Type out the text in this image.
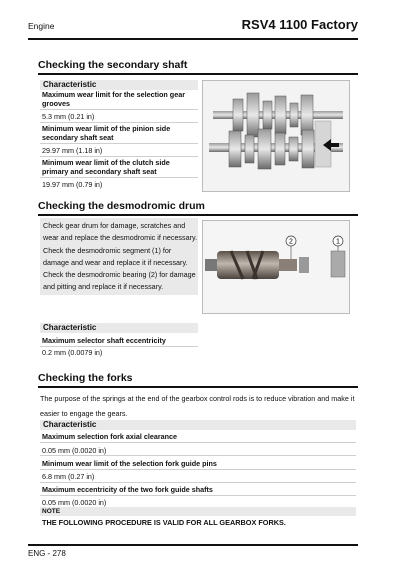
Engine	RSV4 1100 Factory
Checking the secondary shaft
Characteristic
Maximum wear limit for the selection gear grooves
5.3 mm (0.21 in)
Minimum wear limit of the pinion side secondary shaft seat
29.97 mm (1.18 in)
Minimum wear limit of the clutch side primary and secondary shaft seat
19.97 mm (0.79 in)
Checking the desmodromic drum

Check gear drum for damage, scratches and wear and replace the desmodromic if necessary.

Check the desmodromic segment (1) for damage and wear and replace it if necessary.

Check the desmodromic bearing (2) for damage and pitting and replace it if necessary.

2	1
Characteristic
Maximum selector shaft eccentricity
0.2 mm (0.0079 in)
Checking the forks
The purpose of the springs at the end of the gearbox control rods is to reduce vibration and make it easier to engage the gears.
Characteristic
Maximum selection fork axial clearance
0.05 mm (0.0020 in)
Minimum wear limit of the selection fork guide pins
6.8 mm (0.27 in)
Maximum eccentricity of the two fork guide shafts
0.05 mm (0.0020 in)
NOTE
THE FOLLOWING PROCEDURE IS VALID FOR ALL GEARBOX FORKS.
ENG - 278
